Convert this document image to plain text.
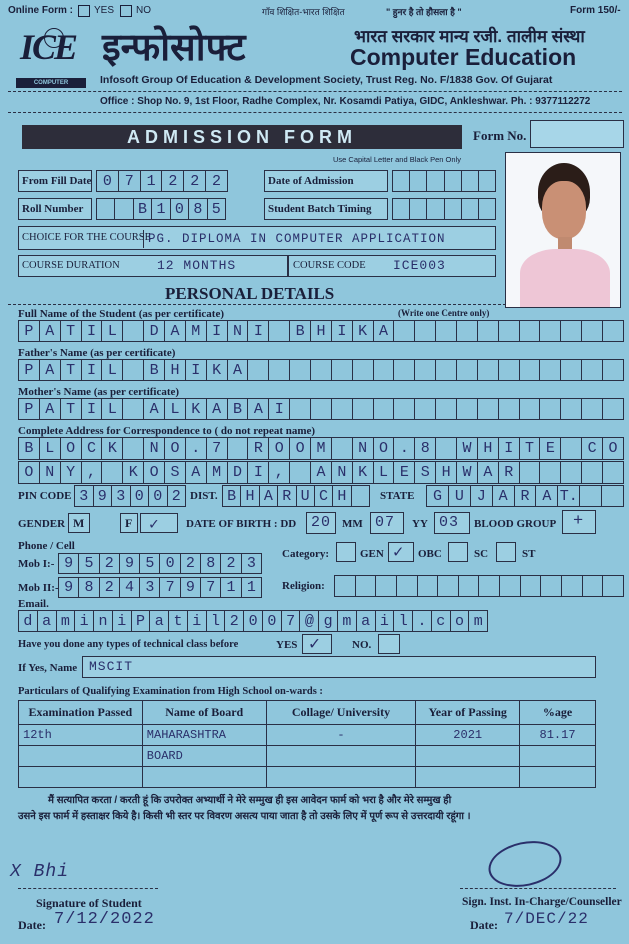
Online Form : YES NO	गाँव शिक्षित-भारत शिक्षित	" हुनर है तो हौसला है "	Form 150/-
ICE
COMPUTER EDUCATION
इन्फोसोफ्ट	भारत सरकार मान्य रजी. तालीम संस्था
Computer Education
Infosoft Group Of Education & Development Society, Trust Reg. No. F/1838 Gov. Of Gujarat
Office : Shop No. 9, 1st Floor, Radhe Complex, Nr. Kosamdi Patiya, GIDC, Ankleshwar. Ph. : 9377112272
ADMISSION FORM	Form No.
Use Capital Letter and Black Pen Only
From Fill Date 0 7 1 2 2 2	Date of Admission
Roll Number	B 1 0 8 5	Student Batch Timing
CHOICE FOR THE COURSE
PG. DIPLOMA IN COMPUTER APPLICATION
COURSE DURATION	12 MONTHS	COURSE CODE ICE003
PERSONAL DETAILS
Full Name of the Student (as per certificate)	(Write one Centre only)
P A T I L	D A M I N I	B H I K A
Father's Name (as per certificate)
P A T I L	B H I K A
Mother's Name (as per certificate)
P A T I L	A L K A B A I
Complete Address for Correspondence to ( do not repeat name)
B L O C K	N O . 7	R O O M	N O . 8	W H I T E	C O
O N Y ,	K O S A M D I ,	A N K L E S H W A R
PIN CODE 3 9 3 0 0 2 DIST. B H A R U C H	STATE	G U J A R A T.
GENDER M	F ✓ DATE OF BIRTH : DD 20 MM 07 YY 03 BLOOD GROUP +
Phone / Cell
Mob I:- 9 5 2 9 5 0 2 8 2 3
Mob II:- 9 8 2 4 3 7 9 7 1 1
Category:	GEN ✓ OBC	SC	ST
Religion:
Email.
d a m i n i P a t i l 2 0 0 7 @ g m a i l . c o m
Have you done any types of technical class before	YES ✓	NO.
If Yes, Name MSCIT
Particulars of Qualifying Examination from High School on-wards :
Examination Passed	Name of Board	Collage/ University	Year of Passing	%age
12th	MAHARASHTRA	-	2021	81.17
	BOARD			

मैं सत्यापित करता / करती हूं कि उपरोक्त अभ्यार्थी ने मेरे सम्मुख ही इस आवेदन फार्म को भरा है और मेरे सम्मुख ही
उसने इस फार्म में हस्ताक्षर किये है। किसी भी स्तर पर विवरण असत्य पाया जाता है तो उसके लिए में पूर्ण रूप से उत्तरदायी रहूंगा ।
X Bhi
Signature of Student
Date: 7/12/2022
Sign. Inst. In-Charge/Counseller
Date: 7/DEC/22
